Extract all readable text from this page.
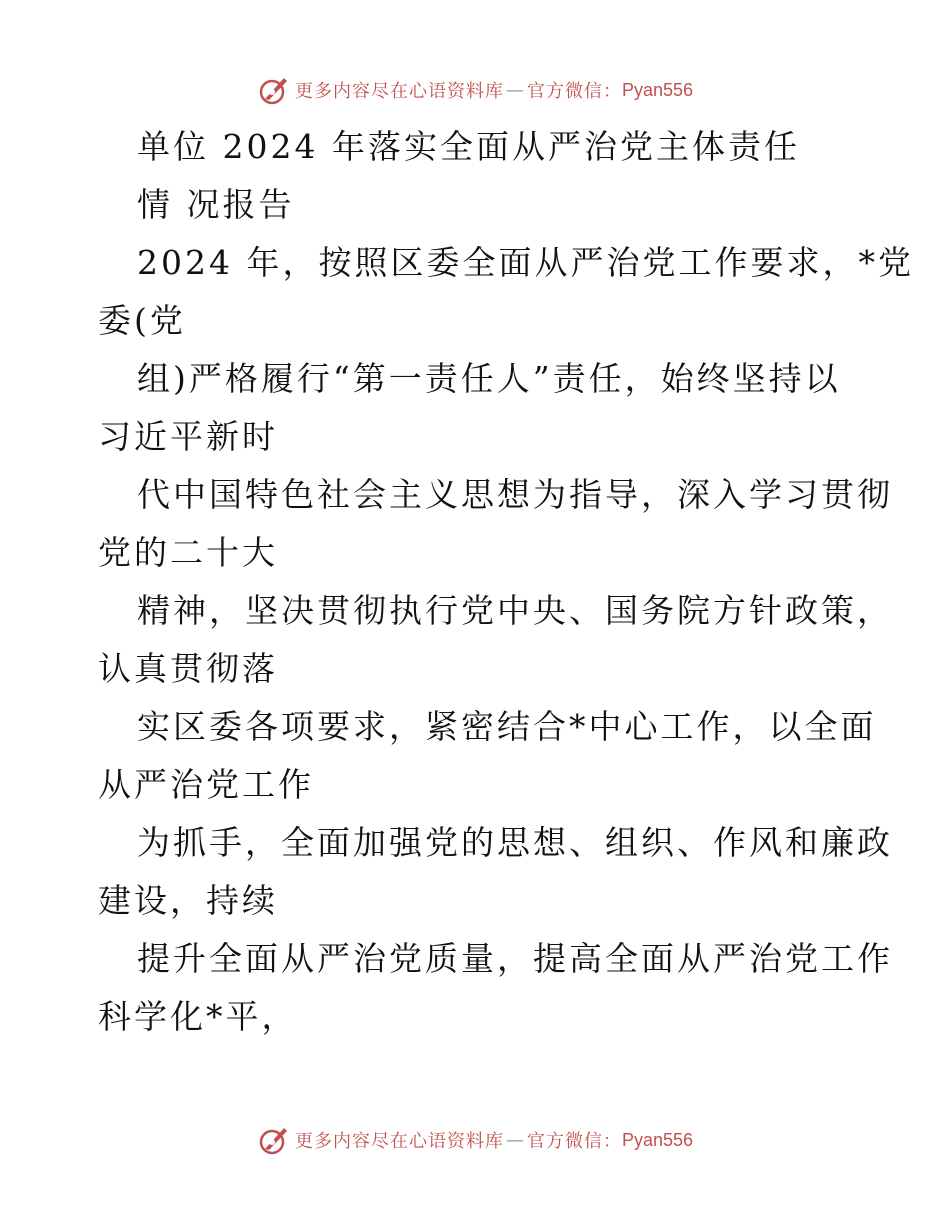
更多内容尽在心语资料库 — 官方微信： Pyan556
单位 2024 年落实全面从严治党主体责任
情 况报告
2024 年，按照区委全面从严治党工作要求，*党
委(党
组)严格履行“第一责任人”责任，始终坚持以
习近平新时
代中国特色社会主义思想为指导，深入学习贯彻
党的二十大
精神，坚决贯彻执行党中央、国务院方针政策，
认真贯彻落
实区委各项要求，紧密结合*中心工作，以全面
从严治党工作
为抓手，全面加强党的思想、组织、作风和廉政
建设，持续
提升全面从严治党质量，提高全面从严治党工作
科学化*平，
更多内容尽在心语资料库 — 官方微信： Pyan556
